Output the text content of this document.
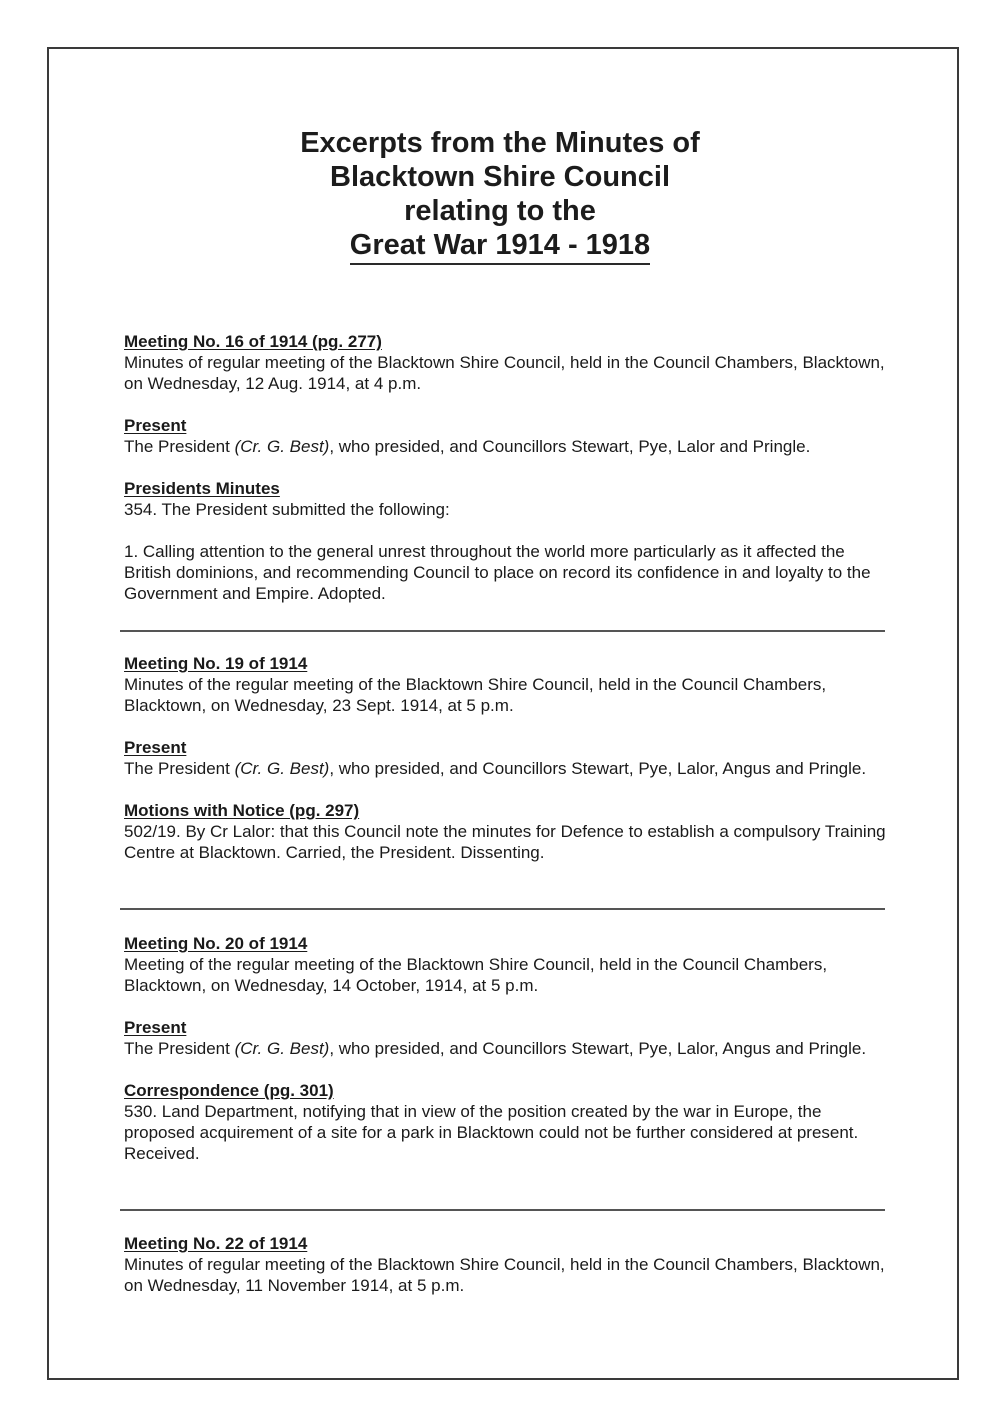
Excerpts from the Minutes of
Blacktown Shire Council
relating to the
Great War 1914 - 1918
Meeting No. 16 of 1914 (pg. 277)
Minutes of regular meeting of the Blacktown Shire Council, held in the Council Chambers, Blacktown, on Wednesday, 12 Aug. 1914, at 4 p.m.
Present
The President (Cr. G. Best), who presided, and Councillors Stewart, Pye, Lalor and Pringle.
Presidents Minutes
354. The President submitted the following:
1. Calling attention to the general unrest throughout the world more particularly as it affected the British dominions, and recommending Council to place on record its confidence in and loyalty to the Government and Empire. Adopted.
Meeting No. 19 of 1914
Minutes of the regular meeting of the Blacktown Shire Council, held in the Council Chambers, Blacktown, on Wednesday, 23 Sept. 1914, at 5 p.m.
Present
The President (Cr. G. Best), who presided, and Councillors Stewart, Pye, Lalor, Angus and Pringle.
Motions with Notice (pg. 297)
502/19. By Cr Lalor: that this Council note the minutes for Defence to establish a compulsory Training Centre at Blacktown. Carried, the President. Dissenting.
Meeting No. 20 of 1914
Meeting of the regular meeting of the Blacktown Shire Council, held in the Council Chambers, Blacktown, on Wednesday, 14 October, 1914, at 5 p.m.
Present
The President (Cr. G. Best), who presided, and Councillors Stewart, Pye, Lalor, Angus and Pringle.
Correspondence (pg. 301)
530. Land Department, notifying that in view of the position created by the war in Europe, the proposed acquirement of a site for a park in Blacktown could not be further considered at present. Received.
Meeting No. 22 of 1914
Minutes of regular meeting of the Blacktown Shire Council, held in the Council Chambers, Blacktown, on Wednesday, 11 November 1914, at 5 p.m.
